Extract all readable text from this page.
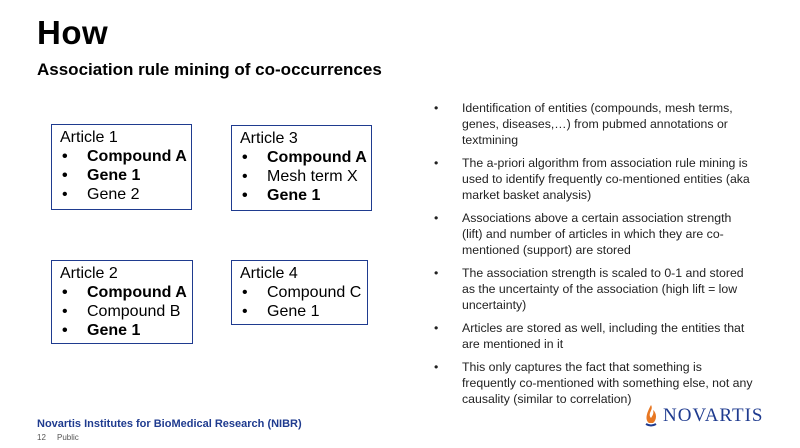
How
Association rule mining of co-occurrences
Article 1
• Compound A
• Gene 1
• Gene 2
Article 3
• Compound A
• Mesh term X
• Gene 1
Article 2
• Compound A
• Compound B
• Gene 1
Article 4
• Compound C
• Gene 1
• Identification of entities (compounds, mesh terms, genes, diseases,…) from pubmed annotations or textmining
• The a-priori algorithm from association rule mining is used to identify frequently co-mentioned entities (aka market basket analysis)
• Associations above a certain association strength (lift) and number of articles in which they are co-mentioned (support) are stored
• The association strength is scaled to 0-1 and stored as the uncertainty of the association (high lift = low uncertainty)
• Articles are stored as well, including the entities that are mentioned in it
• This only captures the fact that something is frequently co-mentioned with something else, not any causality (similar to correlation)
Novartis Institutes for BioMedical Research (NIBR)
12 Public
NOVARTIS
